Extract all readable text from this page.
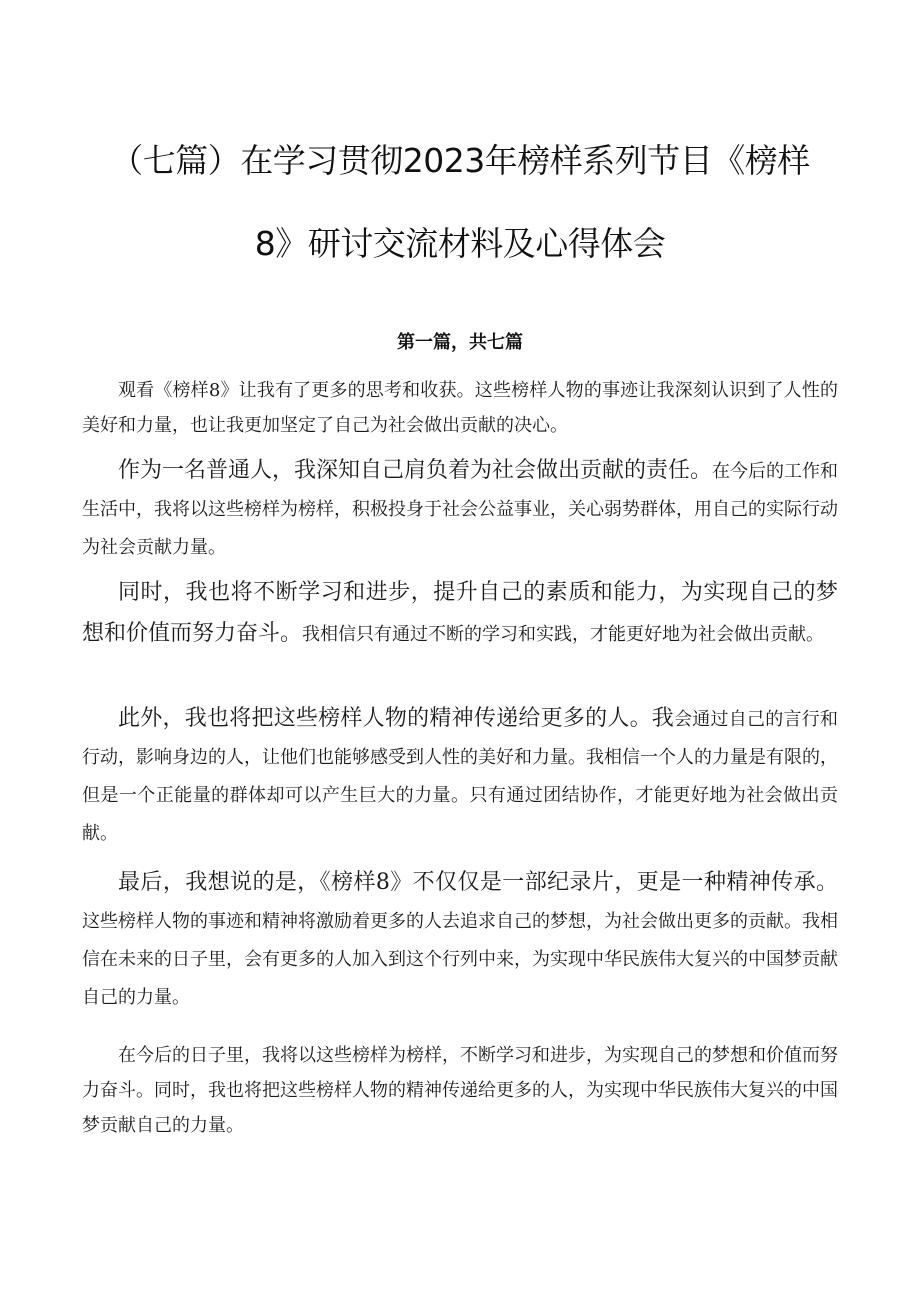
（七篇）在学习贯彻2023年榜样系列节目《榜样
8》研讨交流材料及心得体会
第一篇，共七篇

观看《榜样8》让我有了更多的思考和收获。这些榜样人物的事迹让我深刻认识到了人性的美好和力量，也让我更加坚定了自己为社会做出贡献的决心。

作为一名普通人，我深知自己肩负着为社会做出贡献的责任。在今后的工作和生活中，我将以这些榜样为榜样，积极投身于社会公益事业，关心弱势群体，用自己的实际行动为社会贡献力量。

同时，我也将不断学习和进步，提升自己的素质和能力，为实现自己的梦想和价值而努力奋斗。我相信只有通过不断的学习和实践，才能更好地为社会做出贡献。

此外，我也将把这些榜样人物的精神传递给更多的人。我会通过自己的言行和行动，影响身边的人，让他们也能够感受到人性的美好和力量。我相信一个人的力量是有限的，但是一个正能量的群体却可以产生巨大的力量。只有通过团结协作，才能更好地为社会做出贡献。

最后，我想说的是，《榜样8》不仅仅是一部纪录片，更是一种精神传承。这些榜样人物的事迹和精神将激励着更多的人去追求自己的梦想，为社会做出更多的贡献。我相信在未来的日子里，会有更多的人加入到这个行列中来，为实现中华民族伟大复兴的中国梦贡献自己的力量。

在今后的日子里，我将以这些榜样为榜样，不断学习和进步，为实现自己的梦想和价值而努力奋斗。同时，我也将把这些榜样人物的精神传递给更多的人，为实现中华民族伟大复兴的中国梦贡献自己的力量。
